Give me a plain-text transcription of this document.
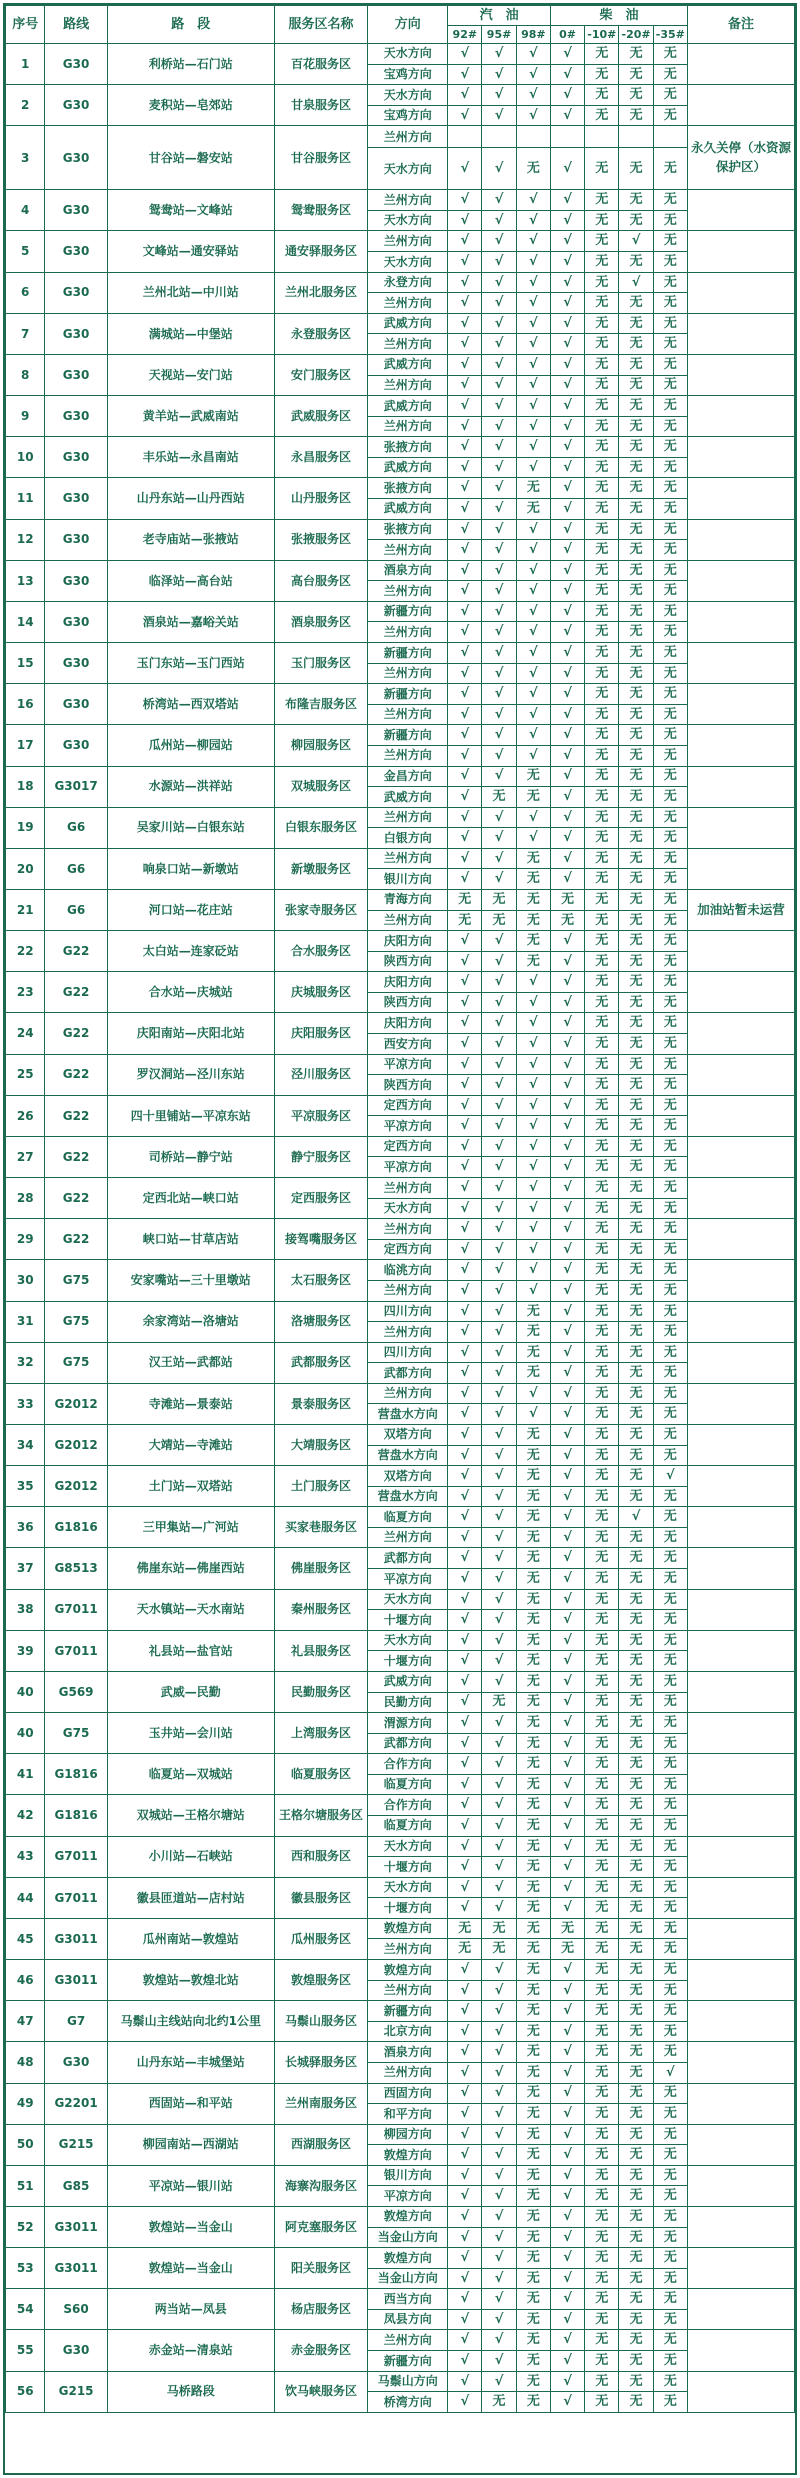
序号	路线	路　段	服务区名称	方向	汽　油			柴　油				备注
					92#	95#	98#	0#	-10#	-20#	-35#	
1	G30	利桥站—石门站	百花服务区	天水方向	√	√	√	√	无	无	无	
				宝鸡方向	√	√	√	√	无	无	无	
2	G30	麦积站—皂郊站	甘泉服务区	天水方向	√	√	√	√	无	无	无	
				宝鸡方向	√	√	√	√	无	无	无	
3	G30	甘谷站—磐安站	甘谷服务区	兰州方向								永久关停（水资源保护区）
				天水方向	√	√	无	√	无	无	无	
4	G30	鸳鸯站—文峰站	鸳鸯服务区	兰州方向	√	√	√	√	无	无	无	
				天水方向	√	√	√	√	无	无	无	
5	G30	文峰站—通安驿站	通安驿服务区	兰州方向	√	√	√	√	无	√	无	
				天水方向	√	√	√	√	无	无	无	
6	G30	兰州北站—中川站	兰州北服务区	永登方向	√	√	√	√	无	√	无	
				兰州方向	√	√	√	√	无	无	无	
7	G30	满城站—中堡站	永登服务区	武威方向	√	√	√	√	无	无	无	
				兰州方向	√	√	√	√	无	无	无	
8	G30	天视站—安门站	安门服务区	武威方向	√	√	√	√	无	无	无	
				兰州方向	√	√	√	√	无	无	无	
9	G30	黄羊站—武威南站	武威服务区	武威方向	√	√	√	√	无	无	无	
				兰州方向	√	√	√	√	无	无	无	
10	G30	丰乐站—永昌南站	永昌服务区	张掖方向	√	√	√	√	无	无	无	
				武威方向	√	√	√	√	无	无	无	
11	G30	山丹东站—山丹西站	山丹服务区	张掖方向	√	√	无	√	无	无	无	
				武威方向	√	√	无	√	无	无	无	
12	G30	老寺庙站—张掖站	张掖服务区	张掖方向	√	√	√	√	无	无	无	
				兰州方向	√	√	√	√	无	无	无	
13	G30	临泽站—高台站	高台服务区	酒泉方向	√	√	√	√	无	无	无	
				兰州方向	√	√	√	√	无	无	无	
14	G30	酒泉站—嘉峪关站	酒泉服务区	新疆方向	√	√	√	√	无	无	无	
				兰州方向	√	√	√	√	无	无	无	
15	G30	玉门东站—玉门西站	玉门服务区	新疆方向	√	√	√	√	无	无	无	
				兰州方向	√	√	√	√	无	无	无	
16	G30	桥湾站—西双塔站	布隆吉服务区	新疆方向	√	√	√	√	无	无	无	
				兰州方向	√	√	√	√	无	无	无	
17	G30	瓜州站—柳园站	柳园服务区	新疆方向	√	√	√	√	无	无	无	
				兰州方向	√	√	√	√	无	无	无	
18	G3017	水源站—洪祥站	双城服务区	金昌方向	√	√	无	√	无	无	无	
				武威方向	√	无	无	√	无	无	无	
19	G6	吴家川站—白银东站	白银东服务区	兰州方向	√	√	√	√	无	无	无	
				白银方向	√	√	√	√	无	无	无	
20	G6	响泉口站—新墩站	新墩服务区	兰州方向	√	√	无	√	无	无	无	
				银川方向	√	√	无	√	无	无	无	
21	G6	河口站—花庄站	张家寺服务区	青海方向	无	无	无	无	无	无	无	加油站暂未运营
				兰州方向	无	无	无	无	无	无	无	
22	G22	太白站—连家砭站	合水服务区	庆阳方向	√	√	无	√	无	无	无	
				陕西方向	√	√	无	√	无	无	无	
23	G22	合水站—庆城站	庆城服务区	庆阳方向	√	√	√	√	无	无	无	
				陕西方向	√	√	√	√	无	无	无	
24	G22	庆阳南站—庆阳北站	庆阳服务区	庆阳方向	√	√	√	√	无	无	无	
				西安方向	√	√	√	√	无	无	无	
25	G22	罗汉洞站—泾川东站	泾川服务区	平凉方向	√	√	√	√	无	无	无	
				陕西方向	√	√	√	√	无	无	无	
26	G22	四十里铺站—平凉东站	平凉服务区	定西方向	√	√	√	√	无	无	无	
				平凉方向	√	√	√	√	无	无	无	
27	G22	司桥站—静宁站	静宁服务区	定西方向	√	√	√	√	无	无	无	
				平凉方向	√	√	√	√	无	无	无	
28	G22	定西北站—峡口站	定西服务区	兰州方向	√	√	√	√	无	无	无	
				天水方向	√	√	√	√	无	无	无	
29	G22	峡口站—甘草店站	接驾嘴服务区	兰州方向	√	√	√	√	无	无	无	
				定西方向	√	√	√	√	无	无	无	
30	G75	安家嘴站—三十里墩站	太石服务区	临洮方向	√	√	√	√	无	无	无	
				兰州方向	√	√	√	√	无	无	无	
31	G75	余家湾站—洛塘站	洛塘服务区	四川方向	√	√	无	√	无	无	无	
				兰州方向	√	√	无	√	无	无	无	
32	G75	汉王站—武都站	武都服务区	四川方向	√	√	无	√	无	无	无	
				武都方向	√	√	无	√	无	无	无	
33	G2012	寺滩站—景泰站	景泰服务区	兰州方向	√	√	√	√	无	无	无	
				营盘水方向	√	√	√	√	无	无	无	
34	G2012	大靖站—寺滩站	大靖服务区	双塔方向	√	√	无	√	无	无	无	
				营盘水方向	√	√	无	√	无	无	无	
35	G2012	土门站—双塔站	土门服务区	双塔方向	√	√	无	√	无	无	√	
				营盘水方向	√	√	无	√	无	无	无	
36	G1816	三甲集站—广河站	买家巷服务区	临夏方向	√	√	无	√	无	√	无	
				兰州方向	√	√	无	√	无	无	无	
37	G8513	佛崖东站—佛崖西站	佛崖服务区	武都方向	√	√	无	√	无	无	无	
				平凉方向	√	√	无	√	无	无	无	
38	G7011	天水镇站—天水南站	秦州服务区	天水方向	√	√	无	√	无	无	无	
				十堰方向	√	√	无	√	无	无	无	
39	G7011	礼县站—盐官站	礼县服务区	天水方向	√	√	无	√	无	无	无	
				十堰方向	√	√	无	√	无	无	无	
40	G569	武威—民勤	民勤服务区	武威方向	√	√	无	√	无	无	无	
				民勤方向	√	无	无	√	无	无	无	
40	G75	玉井站—会川站	上湾服务区	渭源方向	√	√	无	√	无	无	无	
				武都方向	√	√	无	√	无	无	无	
41	G1816	临夏站—双城站	临夏服务区	合作方向	√	√	无	√	无	无	无	
				临夏方向	√	√	无	√	无	无	无	
42	G1816	双城站—王格尔塘站	王格尔塘服务区	合作方向	√	√	无	√	无	无	无	
				临夏方向	√	√	无	√	无	无	无	
43	G7011	小川站—石峡站	西和服务区	天水方向	√	√	无	√	无	无	无	
				十堰方向	√	√	无	√	无	无	无	
44	G7011	徽县匝道站—店村站	徽县服务区	天水方向	√	√	无	√	无	无	无	
				十堰方向	√	√	无	√	无	无	无	
45	G3011	瓜州南站—敦煌站	瓜州服务区	敦煌方向	无	无	无	无	无	无	无	
				兰州方向	无	无	无	无	无	无	无	
46	G3011	敦煌站—敦煌北站	敦煌服务区	敦煌方向	√	√	无	√	无	无	无	
				兰州方向	√	√	无	√	无	无	无	
47	G7	马鬃山主线站向北约1公里	马鬃山服务区	新疆方向	√	√	无	√	无	无	无	
				北京方向	√	√	无	√	无	无	无	
48	G30	山丹东站—丰城堡站	长城驿服务区	酒泉方向	√	√	无	√	无	无	无	
				兰州方向	√	√	无	√	无	无	√	
49	G2201	西固站—和平站	兰州南服务区	西固方向	√	√	无	√	无	无	无	
				和平方向	√	√	无	√	无	无	无	
50	G215	柳园南站—西湖站	西湖服务区	柳园方向	√	√	无	√	无	无	无	
				敦煌方向	√	√	无	√	无	无	无	
51	G85	平凉站—银川站	海寨沟服务区	银川方向	√	√	无	√	无	无	无	
				平凉方向	√	√	无	√	无	无	无	
52	G3011	敦煌站—当金山	阿克塞服务区	敦煌方向	√	√	无	√	无	无	无	
				当金山方向	√	√	无	√	无	无	无	
53	G3011	敦煌站—当金山	阳关服务区	敦煌方向	√	√	无	√	无	无	无	
				当金山方向	√	√	无	√	无	无	无	
54	S60	两当站—凤县	杨店服务区	西当方向	√	√	无	√	无	无	无	
				凤县方向	√	√	无	√	无	无	无	
55	G30	赤金站—清泉站	赤金服务区	兰州方向	√	√	无	√	无	无	无	
				新疆方向	√	√	无	√	无	无	无	
56	G215	马桥路段	饮马峡服务区	马鬃山方向	√	√	无	√	无	无	无	
				桥湾方向	√	无	无	√	无	无	无	
